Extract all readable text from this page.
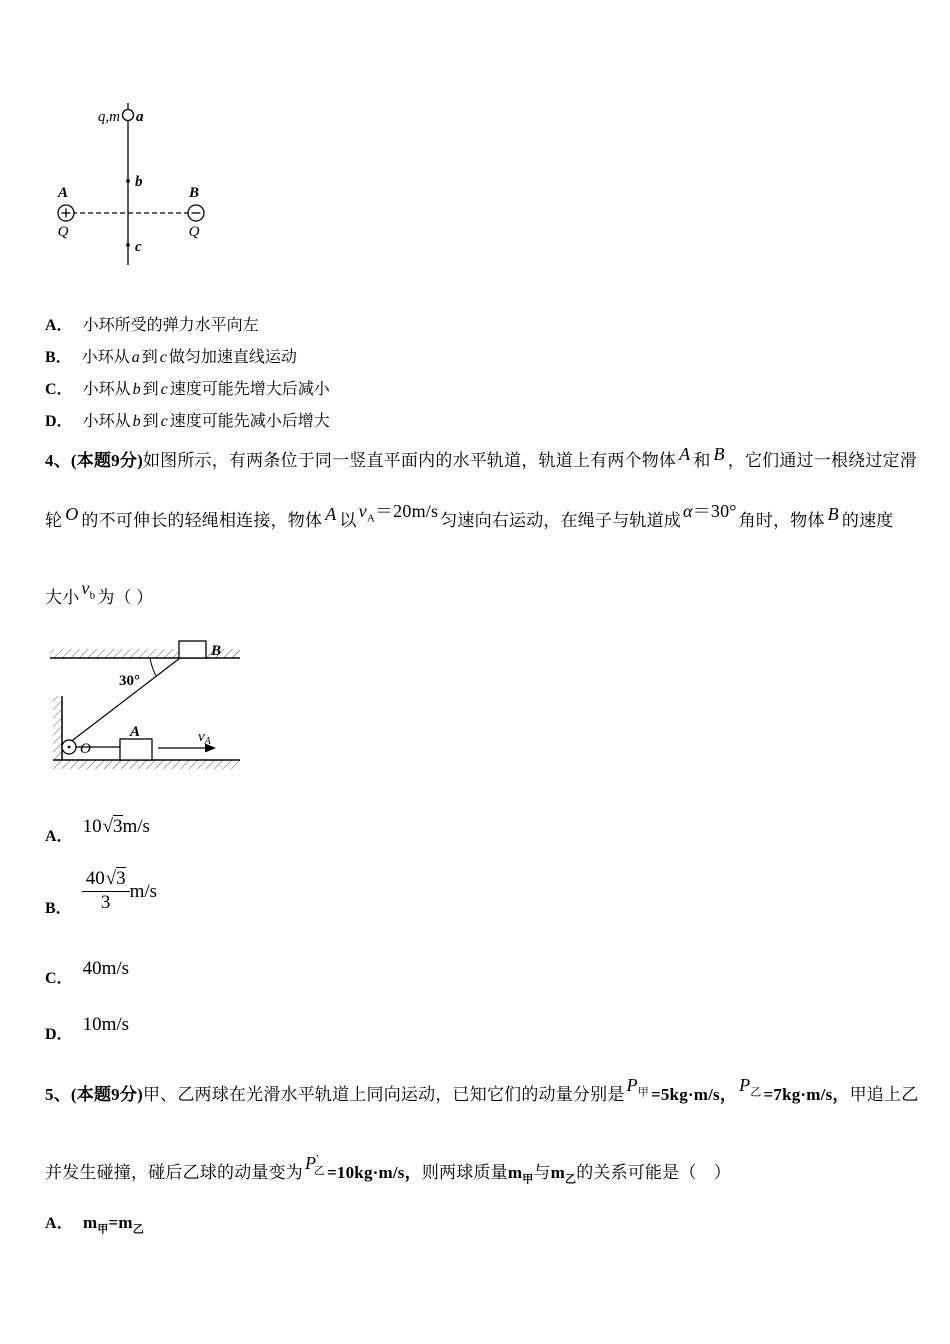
q,m a
b
A
Q
B
Q
c
A． 小环所受的弹力水平向左
B． 小环从 a 到 c 做匀加速直线运动
C． 小环从 b 到 c 速度可能先增大后减小
D． 小环从 b 到 c 速度可能先减小后增大
4、(本题9分)如图所示，有两条位于同一竖直平面内的水平轨道，轨道上有两个物体 A 和 B ，它们通过一根绕过定滑
轮 O 的不可伸长的轻绳相连接，物体 A 以 $v_A=20m/s$ 匀速向右运动，在绳子与轨道成 α＝30° 角时，物体 B 的速度
大小 $v_b$ 为（ ）
B
30°
O
A	$v_A$
A． 10√3m/s
B． $\frac{40√3}{3} m/s$
C． 40m/s
D． 10m/s
5、(本题9分)甲、乙两球在光滑水平轨道上同向运动，已知它们的动量分别是 $P_甲 =5kg\cdot m/s$， $P_乙 =7kg\cdot m/s$，甲追上乙
并发生碰撞，碰后乙球的动量变为 $P'_乙 =10kg\cdot m/s$，则两球质量$m_甲$与$m_乙$的关系可能是（　）
A． $m_甲=m_乙$
